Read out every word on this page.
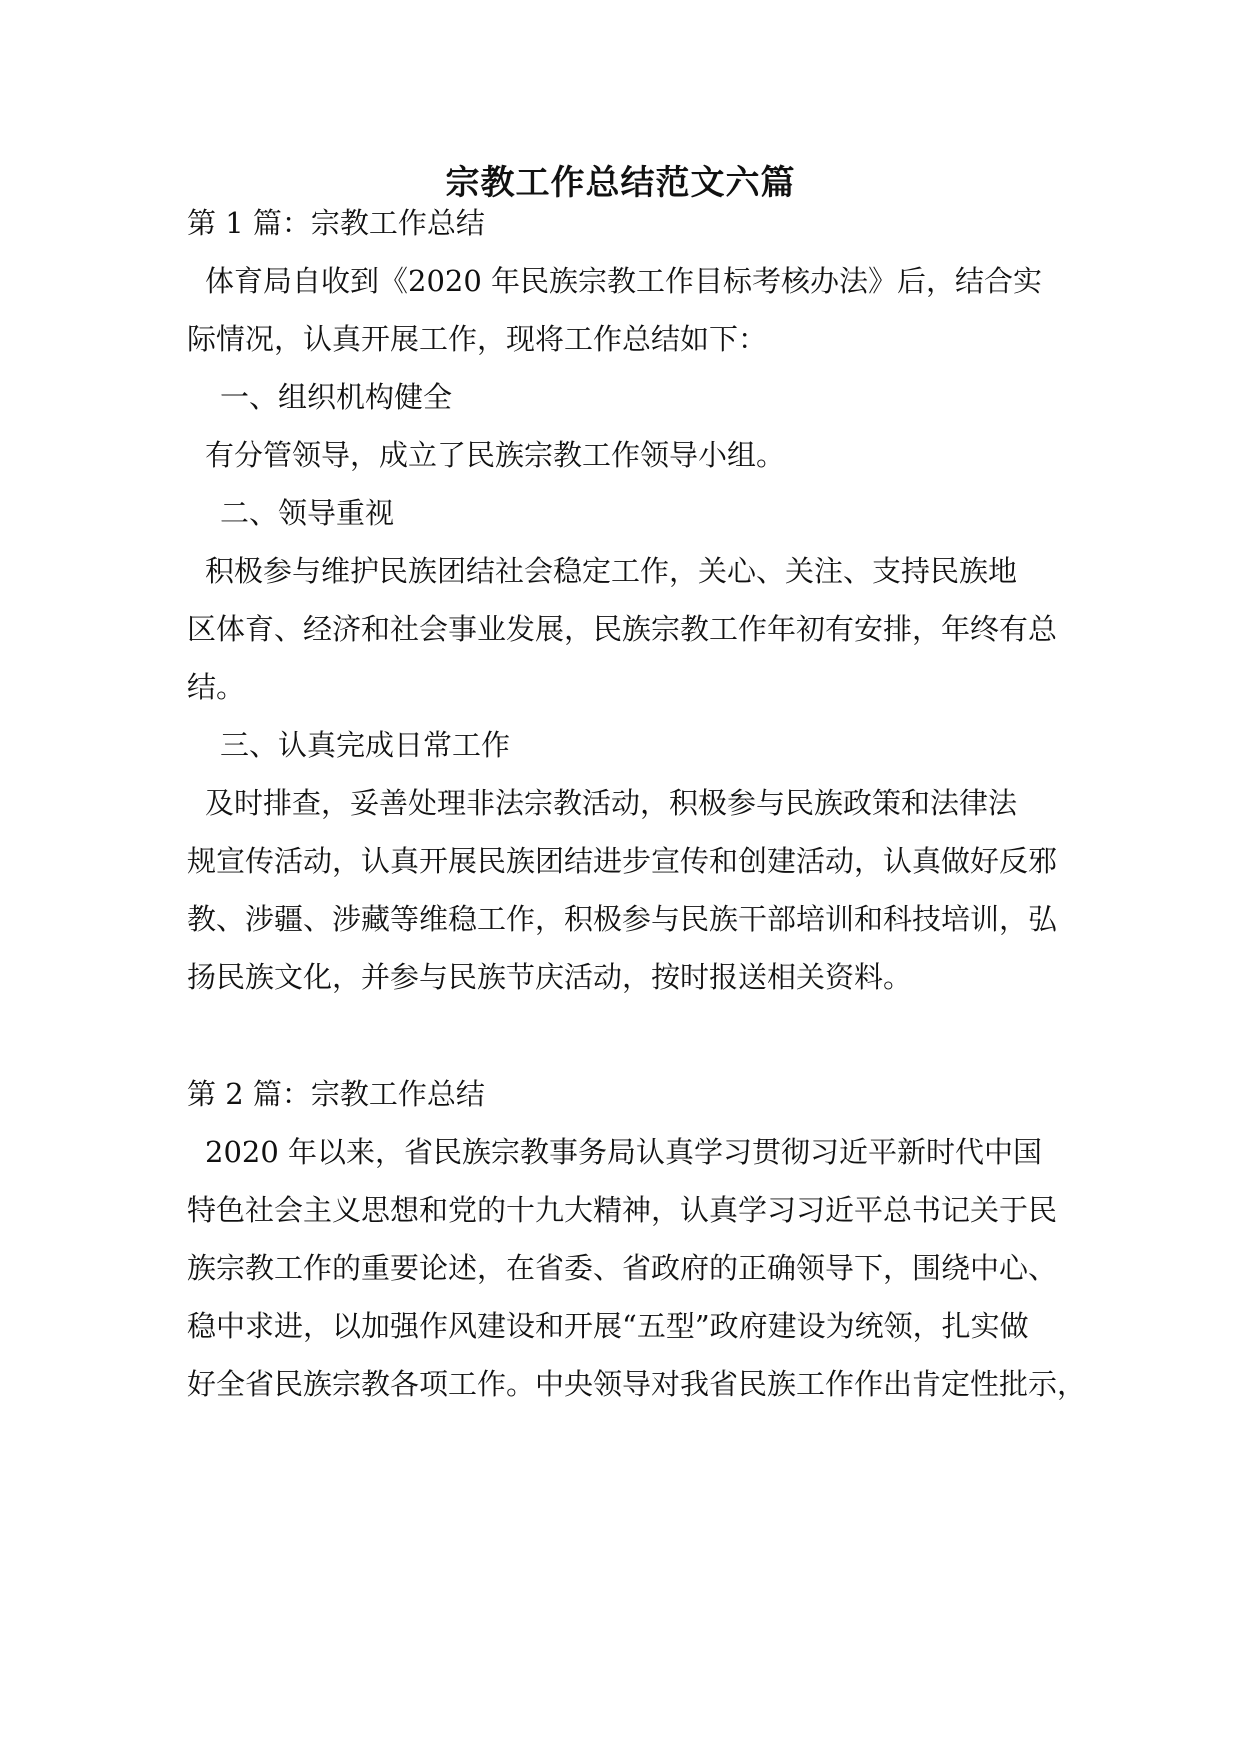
宗教工作总结范文六篇
第 1 篇：宗教工作总结
体育局自收到《2020 年民族宗教工作目标考核办法》后，结合实
际情况，认真开展工作，现将工作总结如下：
一、组织机构健全
有分管领导，成立了民族宗教工作领导小组。
二、领导重视
积极参与维护民族团结社会稳定工作，关心、关注、支持民族地
区体育、经济和社会事业发展，民族宗教工作年初有安排，年终有总
结。
三、认真完成日常工作
及时排查，妥善处理非法宗教活动，积极参与民族政策和法律法
规宣传活动，认真开展民族团结进步宣传和创建活动，认真做好反邪
教、涉疆、涉藏等维稳工作，积极参与民族干部培训和科技培训，弘
扬民族文化，并参与民族节庆活动，按时报送相关资料。
第 2 篇：宗教工作总结
2020 年以来，省民族宗教事务局认真学习贯彻习近平新时代中国
特色社会主义思想和党的十九大精神，认真学习习近平总书记关于民
族宗教工作的重要论述，在省委、省政府的正确领导下，围绕中心、
稳中求进，以加强作风建设和开展“五型”政府建设为统领，扎实做
好全省民族宗教各项工作。中央领导对我省民族工作作出肯定性批示，
